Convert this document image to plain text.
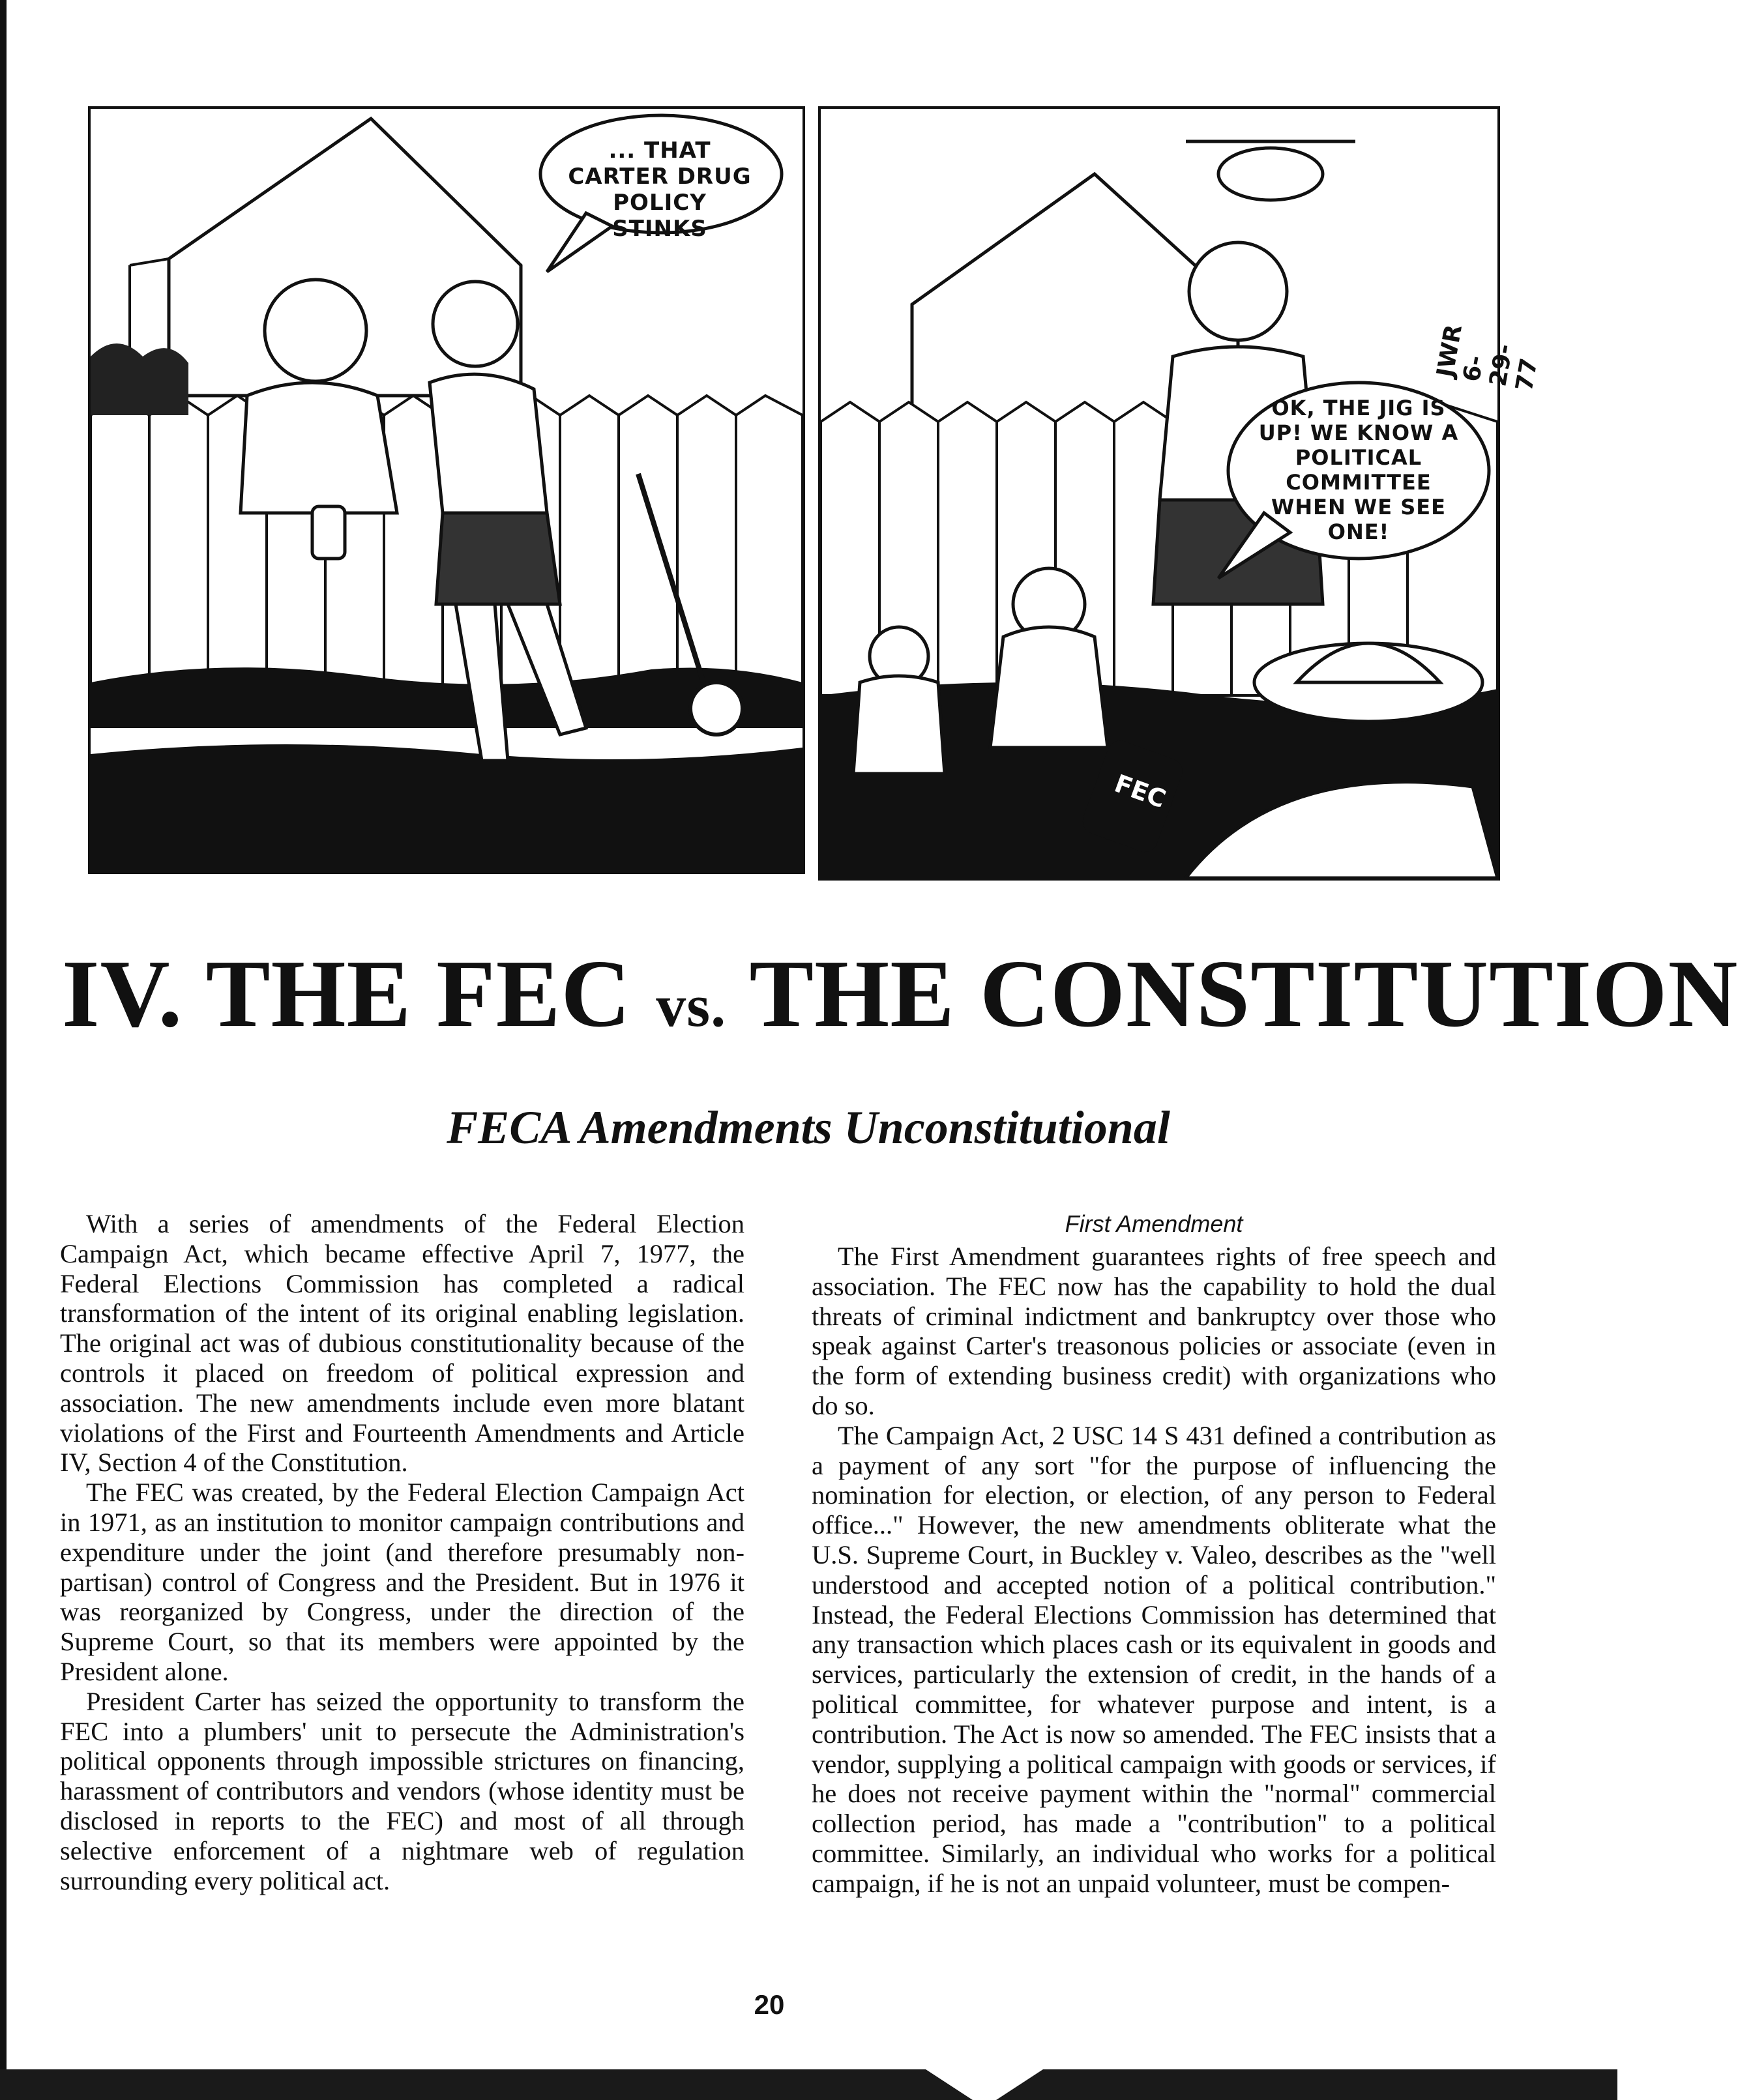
... THAT CARTER DRUG POLICY STINKS
OK, THE JIG IS UP! WE KNOW A POLITICAL COMMITTEE WHEN WE SEE ONE!
FEC
JWR 6-29-77
IV. THE FEC vs. THE CONSTITUTION
FECA Amendments Unconstitutional

With a series of amendments of the Federal Election Campaign Act, which became effective April 7, 1977, the Federal Elections Commission has completed a radical transformation of the intent of its original enabling legislation. The original act was of dubious constitutionality because of the controls it placed on freedom of political expression and association. The new amendments include even more blatant violations of the First and Fourteenth Amendments and Article IV, Section 4 of the Constitution.

The FEC was created, by the Federal Election Campaign Act in 1971, as an institution to monitor campaign contributions and expenditure under the joint (and therefore presumably non-partisan) control of Congress and the President. But in 1976 it was reorganized by Congress, under the direction of the Supreme Court, so that its members were appointed by the President alone.

President Carter has seized the opportunity to transform the FEC into a plumbers' unit to persecute the Administration's political opponents through impossible strictures on financing, harassment of contributors and vendors (whose identity must be disclosed in reports to the FEC) and most of all through selective enforcement of a nightmare web of regulation surrounding every political act.

First Amendment

The First Amendment guarantees rights of free speech and association. The FEC now has the capability to hold the dual threats of criminal indictment and bankruptcy over those who speak against Carter's treasonous policies or associate (even in the form of extending business credit) with organizations who do so.

The Campaign Act, 2 USC 14 S 431 defined a contribution as a payment of any sort "for the purpose of influencing the nomination for election, or election, of any person to Federal office..." However, the new amendments obliterate what the U.S. Supreme Court, in Buckley v. Valeo, describes as the "well understood and accepted notion of a political contribution." Instead, the Federal Elections Commission has determined that any transaction which places cash or its equivalent in goods and services, particularly the extension of credit, in the hands of a political committee, for whatever purpose and intent, is a contribution. The Act is now so amended. The FEC insists that a vendor, supplying a political campaign with goods or services, if he does not receive payment within the "normal" commercial collection period, has made a "contribution" to a political committee. Similarly, an individual who works for a political campaign, if he is not an unpaid volunteer, must be compen-

20
